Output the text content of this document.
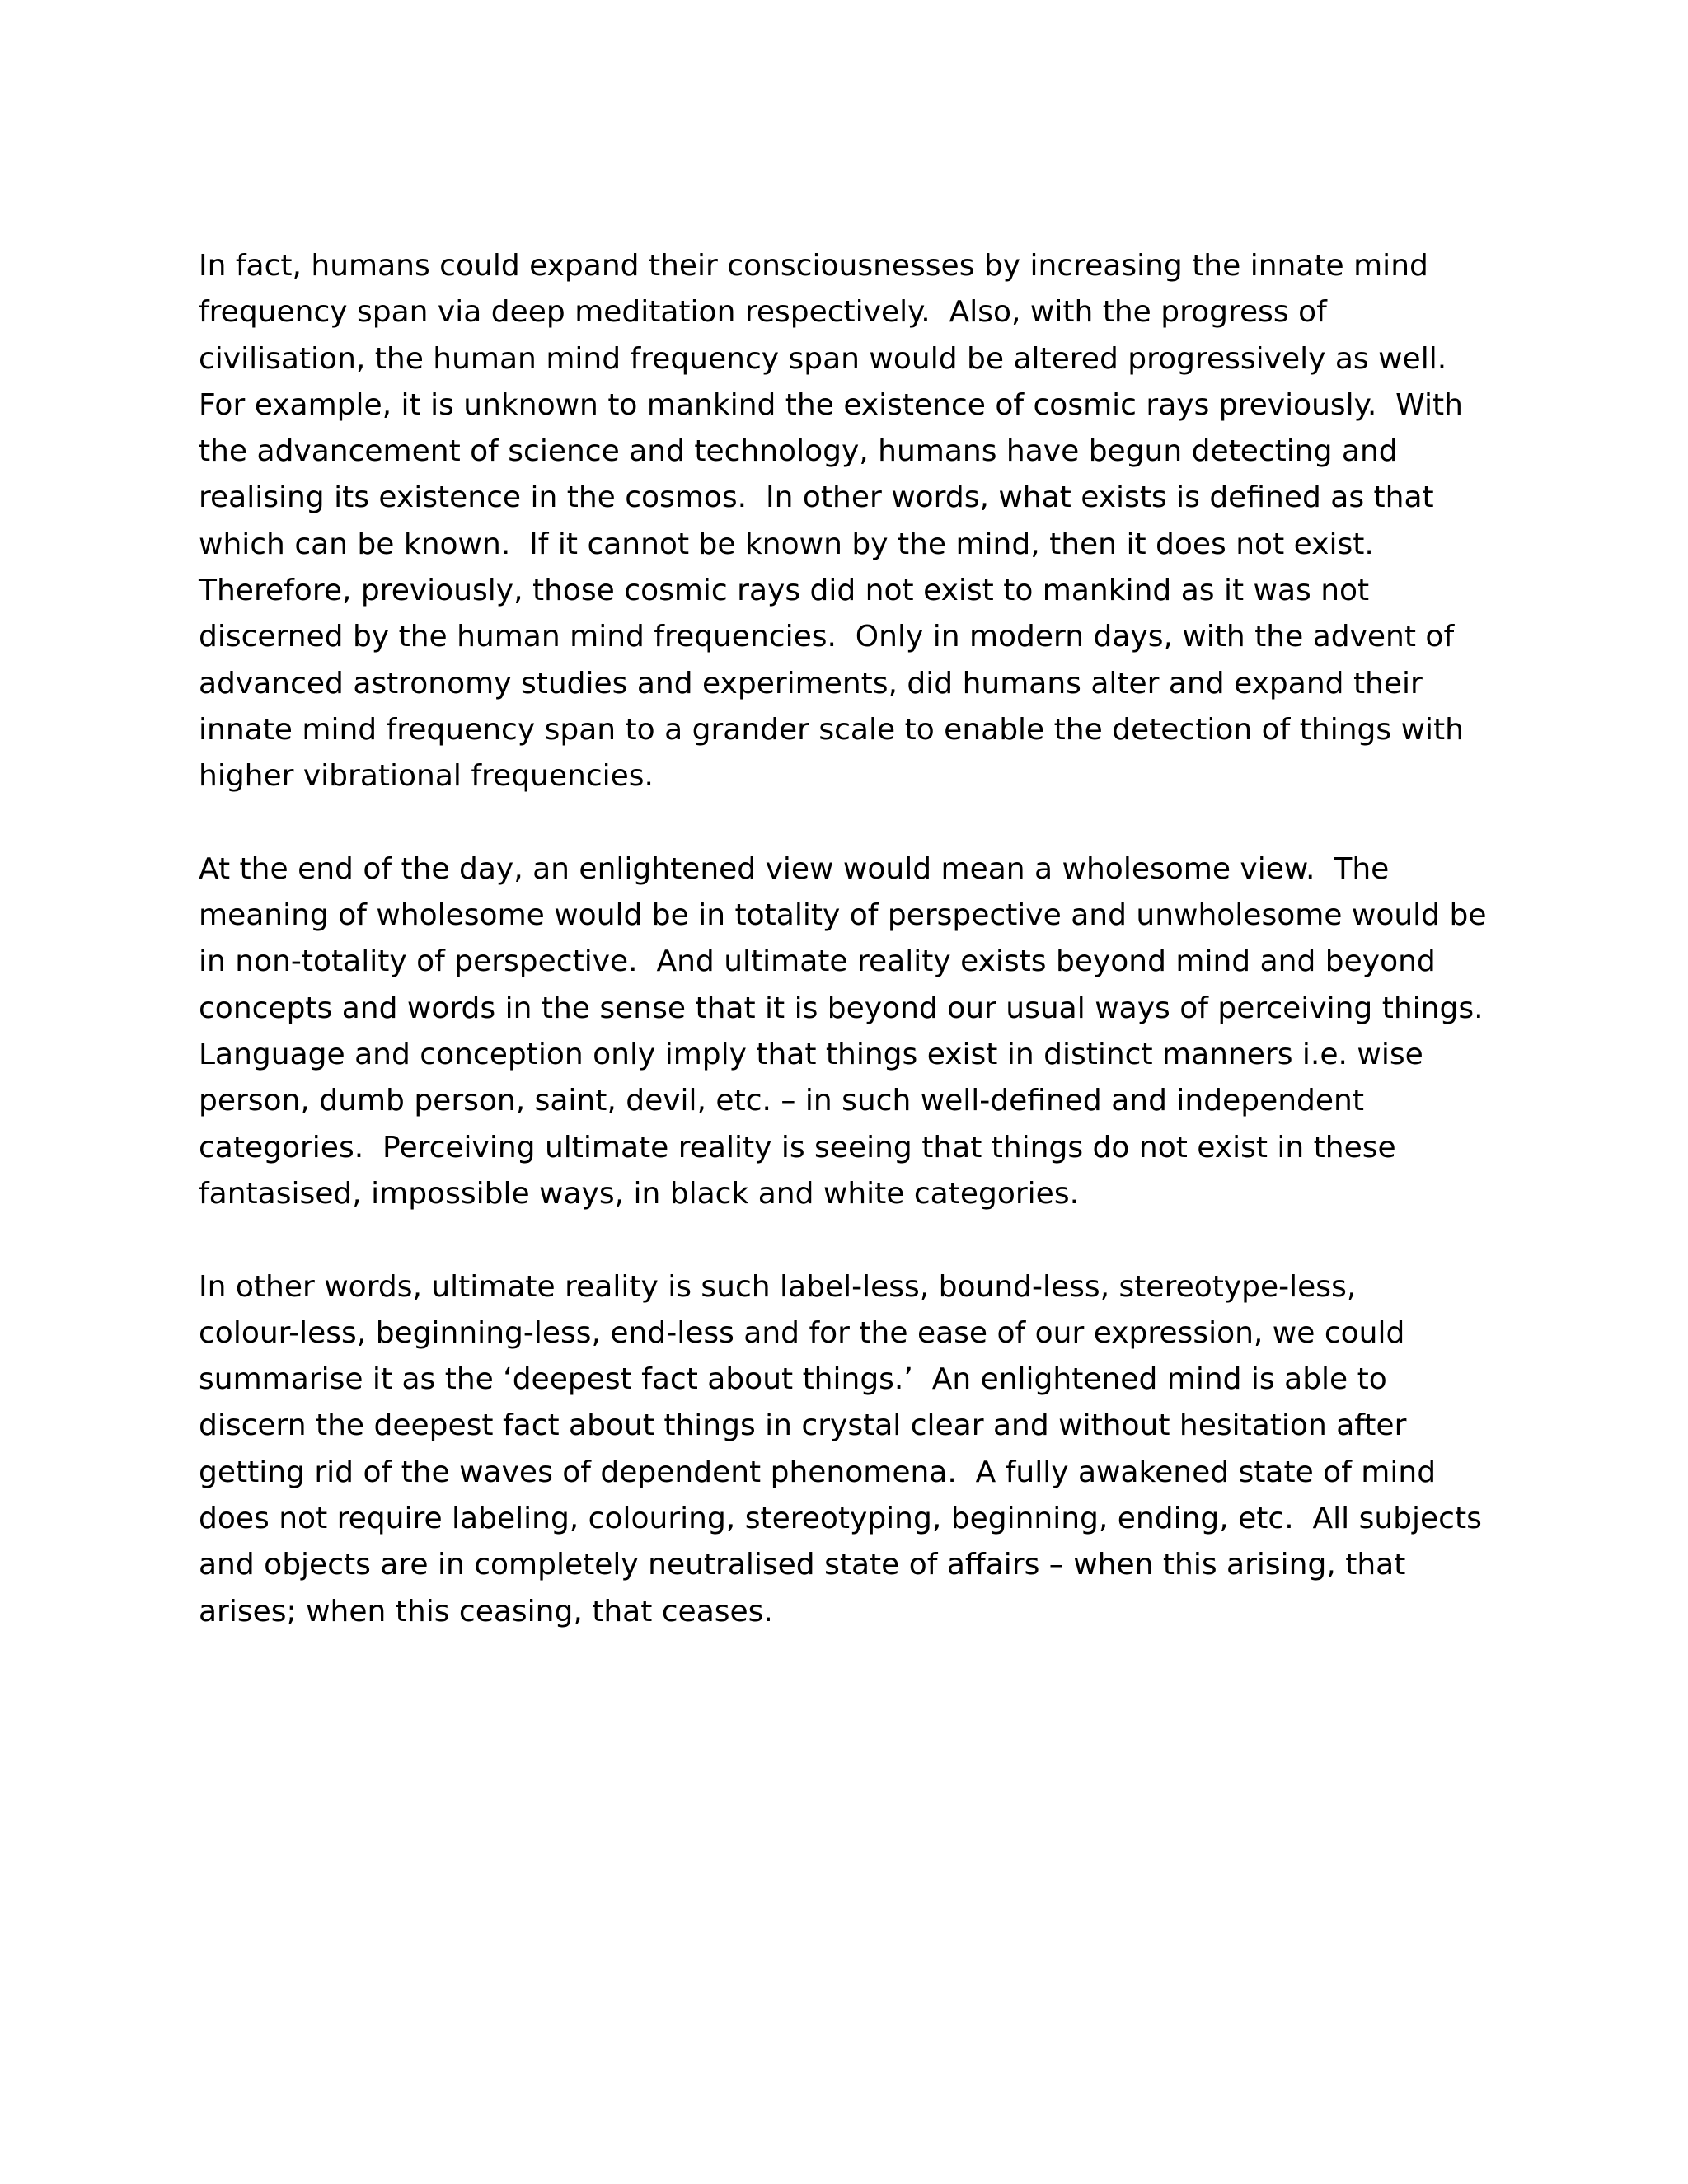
In fact, humans could expand their consciousnesses by increasing the innate mind
frequency span via deep meditation respectively.  Also, with the progress of
civilisation, the human mind frequency span would be altered progressively as well.
For example, it is unknown to mankind the existence of cosmic rays previously.  With
the advancement of science and technology, humans have begun detecting and
realising its existence in the cosmos.  In other words, what exists is defined as that
which can be known.  If it cannot be known by the mind, then it does not exist.
Therefore, previously, those cosmic rays did not exist to mankind as it was not
discerned by the human mind frequencies.  Only in modern days, with the advent of
advanced astronomy studies and experiments, did humans alter and expand their
innate mind frequency span to a grander scale to enable the detection of things with
higher vibrational frequencies.
At the end of the day, an enlightened view would mean a wholesome view.  The
meaning of wholesome would be in totality of perspective and unwholesome would be
in non-totality of perspective.  And ultimate reality exists beyond mind and beyond
concepts and words in the sense that it is beyond our usual ways of perceiving things.
Language and conception only imply that things exist in distinct manners i.e. wise
person, dumb person, saint, devil, etc. – in such well-defined and independent
categories.  Perceiving ultimate reality is seeing that things do not exist in these
fantasised, impossible ways, in black and white categories.
In other words, ultimate reality is such label-less, bound-less, stereotype-less,
colour-less, beginning-less, end-less and for the ease of our expression, we could
summarise it as the ‘deepest fact about things.’  An enlightened mind is able to
discern the deepest fact about things in crystal clear and without hesitation after
getting rid of the waves of dependent phenomena.  A fully awakened state of mind
does not require labeling, colouring, stereotyping, beginning, ending, etc.  All subjects
and objects are in completely neutralised state of affairs – when this arising, that
arises; when this ceasing, that ceases.
